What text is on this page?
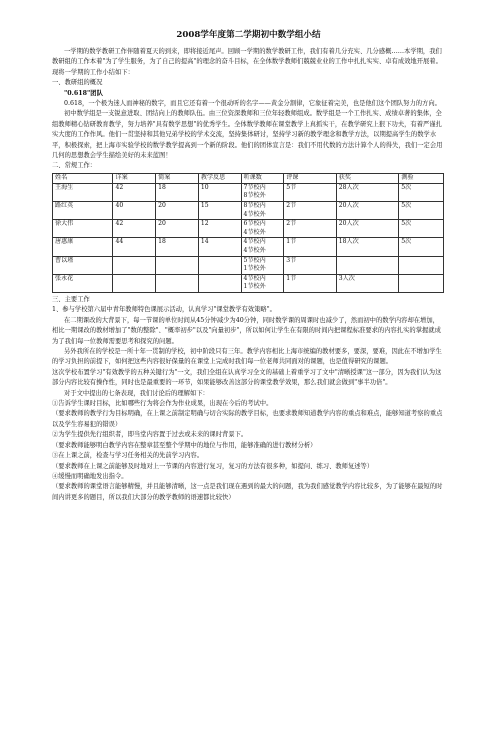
2008学年度第二学期初中数学组小结

一学期的数学教研工作伴随着夏天的到来，即将接近尾声。回顾一学期的数学教研工作，我们有着几分充实、几分感概……本学期，我们教研组的工作本着"为了学生服务，为了自己的提高"的理念的奋斗目标，在全体数学教师们兢兢业业的工作中扎扎实实、卓有成效地开展着。现将一学期的工作小结如下：

一、教研组的概况

"0.618"团队

0.618，一个极为迷人而神秘的数字，而且它还有着一个很动听的名字——黄金分割律，它象征着完美，也是他们这个团队努力的方向。

初中数学组是一支锐意进取、团结向上的教师队伍。由三位资深教师和三位年轻教师组成。数学组是一个工作扎实、成绩卓著的集体，全组教师精心钻研教育教学，努力培养"具有数学思想"的优秀学生。全体数学教师在课堂教学上真抓实干，在教学研究上狠下功夫，有着严谨扎实大度的工作作风。他们一贯坚持和其他兄弟学校的学术交流，坚持集体研讨，坚持学习新的教学理念和教学方法，以期提高学生的数学水平，积极探索，把上海市实验学校的数学教学提高到一个新的阶段。他们的团体宣言是：我们不用代数的方法计算个人的得失，我们一定会用几何的思想教会学生描绘美好的未来蓝图！

二、常规工作：

姓名	详案	简案	教学反思	听课数	评课	获奖	测验
王海生	42	18	10	7节校内
8节校外	5节	28人次	5次
路红英	40	20	15	8节校内
4节校外	2节	20人次	5次
徐大伟	42	20	12	6节校内
4节校外	2节	20人次	5次
唐惠康	44	18	14	4节校内
4节校外	1节	18人次	5次
曹以瑾				5节校内
1节校外	3节		
张永花				4节校内
1节校外	1节	3人次	

三、主要工作

1、参与学校第六届中青年教师特色课展示活动，认真学习"课堂教学有效策略"。

在二期课改的大背景下，每一节课的单位时间从45分钟减少为40分钟，同时数学课的周课时也减少了，然而初中的数学内容却在增加，相比一期课改的教材增加了"数的整除"、"概率初步"以及"向量初步"，所以如何让学生在有限的时间内把课程标准要求的内容扎实的掌握就成为了我们每一位教师需要思考和探究的问题。

另外我所在的学校是一所十年一贯制的学校，初中阶段只有三年。教学内容相比上海市统编的教材要多，要深，要难，因此在不增加学生的学习负担的前提下，如何把这些内容很好保量的在课堂上完成时我们每一位老师共同面对的课题，也是值得研究的课题。

这次学校布置学习"有效教学的五种关键行为"一文，我们全组在认真学习全文的基础上着重学习了文中"清晰授课"这一部分，因为我们认为这部分内容比较有操作性，同时也是最重要的一环节，如果能够改善这部分的课堂教学效果，那么我们就会做到"事半功倍"。

对于文中提出的七条表现，我们讨论后的理解如下：

①告诉学生课时目标，比如哪些行为将会作为作业成果，出现在今后的考试中。

（要求教师的教学行为目标明确，在上课之前制定明确与切合实际的教学目标，也要求教师知道教学内容的重点和难点，能够知道考察的重点以及学生容易犯的错误）

②为学生提供先行组织者，即当堂内容置于过去或未来的课时背景下。

（要求教师能够明白教学内容在整章甚至整个学期中的地位与作用，能够准确的进行教材分析）

③在上课之前，检查与学习任务相关的先前学习内容。

（要求教师在上课之前能够及时地对上一节课的内容进行复习，复习的方法有很多种，如提问、练习、教师复述等）

④缓慢而明确地发出指令。

（要求教师的课堂语言能够精慢，并且能够清晰，这一点是我们现在遇到的最大的问题，我为我们感觉教学内容比较多，为了能够在最短的时间内讲更多的题目，所以我们大部分的教学教师的语速都比较快）
